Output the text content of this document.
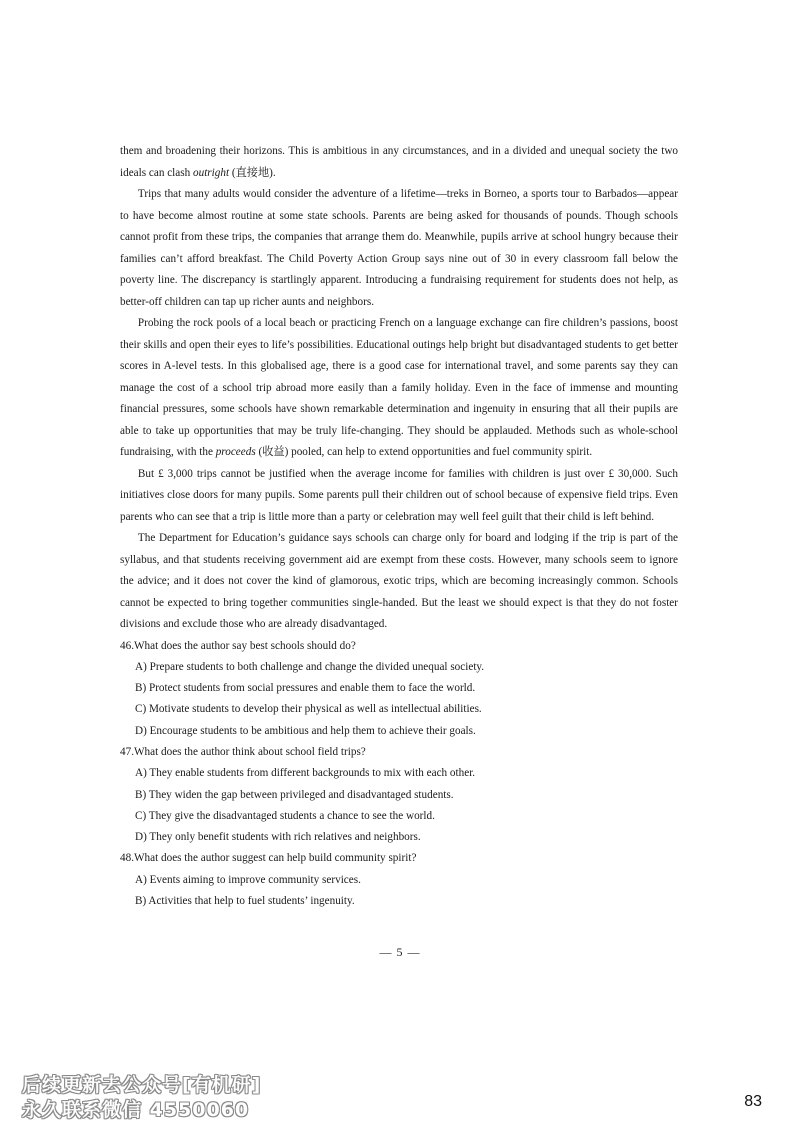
them and broadening their horizons. This is ambitious in any circumstances, and in a divided and unequal society the two ideals can clash outright (直接地).

Trips that many adults would consider the adventure of a lifetime—treks in Borneo, a sports tour to Barbados—appear to have become almost routine at some state schools. Parents are being asked for thousands of pounds. Though schools cannot profit from these trips, the companies that arrange them do. Meanwhile, pupils arrive at school hungry because their families can’t afford breakfast. The Child Poverty Action Group says nine out of 30 in every classroom fall below the poverty line. The discrepancy is startlingly apparent. Introducing a fundraising requirement for students does not help, as better-off children can tap up richer aunts and neighbors.

Probing the rock pools of a local beach or practicing French on a language exchange can fire children’s passions, boost their skills and open their eyes to life’s possibilities. Educational outings help bright but disadvantaged students to get better scores in A-level tests. In this globalised age, there is a good case for international travel, and some parents say they can manage the cost of a school trip abroad more easily than a family holiday. Even in the face of immense and mounting financial pressures, some schools have shown remarkable determination and ingenuity in ensuring that all their pupils are able to take up opportunities that may be truly life-changing. They should be applauded. Methods such as whole-school fundraising, with the proceeds (收益) pooled, can help to extend opportunities and fuel community spirit.

But £ 3,000 trips cannot be justified when the average income for families with children is just over £ 30,000. Such initiatives close doors for many pupils. Some parents pull their children out of school because of expensive field trips. Even parents who can see that a trip is little more than a party or celebration may well feel guilt that their child is left behind.

The Department for Education’s guidance says schools can charge only for board and lodging if the trip is part of the syllabus, and that students receiving government aid are exempt from these costs. However, many schools seem to ignore the advice; and it does not cover the kind of glamorous, exotic trips, which are becoming increasingly common. Schools cannot be expected to bring together communities single-handed. But the least we should expect is that they do not foster divisions and exclude those who are already disadvantaged.

46.What does the author say best schools should do?

A) Prepare students to both challenge and change the divided unequal society.

B) Protect students from social pressures and enable them to face the world.

C) Motivate students to develop their physical as well as intellectual abilities.

D) Encourage students to be ambitious and help them to achieve their goals.

47.What does the author think about school field trips?

A) They enable students from different backgrounds to mix with each other.

B) They widen the gap between privileged and disadvantaged students.

C) They give the disadvantaged students a chance to see the world.

D) They only benefit students with rich relatives and neighbors.

48.What does the author suggest can help build community spirit?

A) Events aiming to improve community services.

B) Activities that help to fuel students’ ingenuity.

— 5 —
后续更新去公众号[有机研]
永久联系微信 4550060	83
